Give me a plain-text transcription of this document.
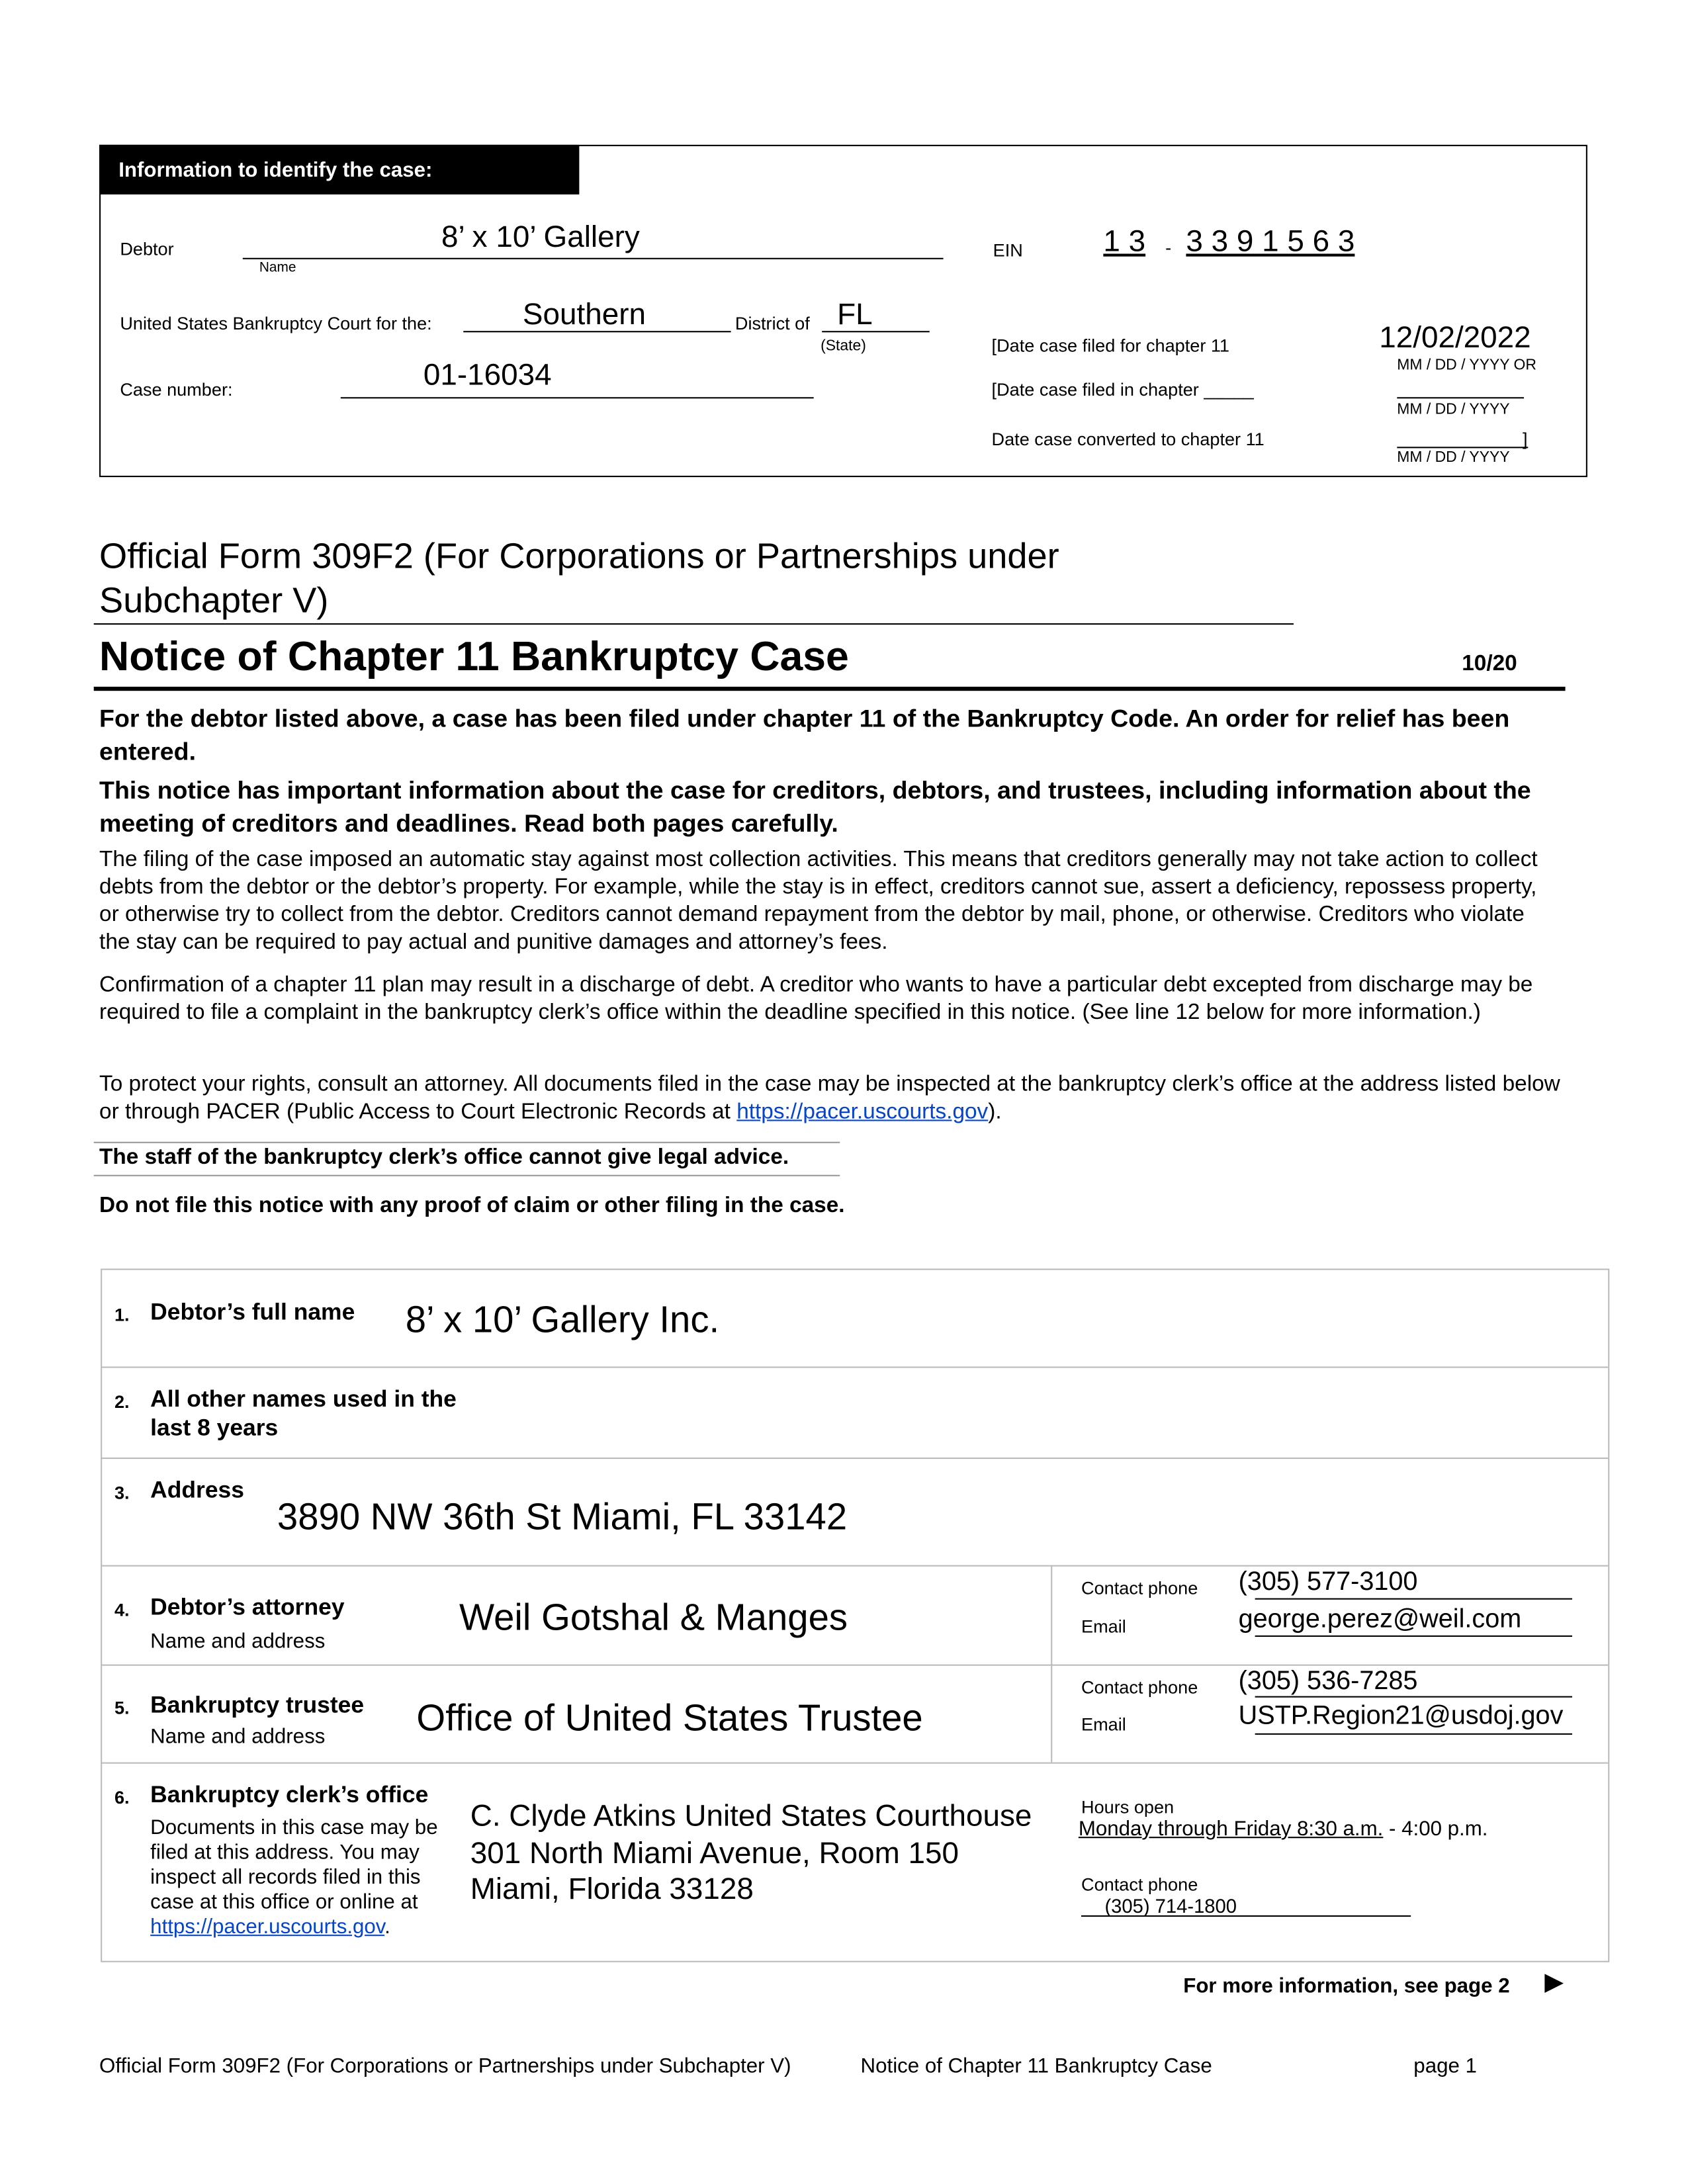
Information to identify the case:
Debtor	8’ x 10’ Gallery
Name
EIN	1 3 - 3 3 9 1 5 6 3
United States Bankruptcy Court for the:	Southern	District of FL
(State)
Case number:	01-16034
[Date case filed for chapter 11	12/02/2022
MM / DD / YYYY OR
[Date case filed in chapter _____
MM / DD / YYYY
Date case converted to chapter 11	]
MM / DD / YYYY
Official Form 309F2 (For Corporations or Partnerships under
Subchapter V)
Notice of Chapter 11 Bankruptcy Case	10/20
For the debtor listed above, a case has been filed under chapter 11 of the Bankruptcy Code. An order for relief has been entered.
This notice has important information about the case for creditors, debtors, and trustees, including information about the meeting of creditors and deadlines. Read both pages carefully.
The filing of the case imposed an automatic stay against most collection activities. This means that creditors generally may not take action to collect debts from the debtor or the debtor’s property. For example, while the stay is in effect, creditors cannot sue, assert a deficiency, repossess property, or otherwise try to collect from the debtor. Creditors cannot demand repayment from the debtor by mail, phone, or otherwise. Creditors who violate the stay can be required to pay actual and punitive damages and attorney’s fees.
Confirmation of a chapter 11 plan may result in a discharge of debt. A creditor who wants to have a particular debt excepted from discharge may be required to file a complaint in the bankruptcy clerk’s office within the deadline specified in this notice. (See line 12 below for more information.)
To protect your rights, consult an attorney. All documents filed in the case may be inspected at the bankruptcy clerk’s office at the address listed below or through PACER (Public Access to Court Electronic Records at https://pacer.uscourts.gov).
The staff of the bankruptcy clerk’s office cannot give legal advice.
Do not file this notice with any proof of claim or other filing in the case.
1. Debtor’s full name	8’ x 10’ Gallery Inc.
2. All other names used in the
last 8 years
3. Address
3890 NW 36th St Miami, FL 33142
4. Debtor’s attorney
Name and address
Weil Gotshal & Manges
Contact phone	(305) 577-3100
Email	george.perez@weil.com
5. Bankruptcy trustee
Name and address	Office of United States Trustee
Contact phone	(305) 536-7285
Email	USTP.Region21@usdoj.gov
6. Bankruptcy clerk’s office
Documents in this case may be
filed at this address. You may
inspect all records filed in this
case at this office or online at
https://pacer.uscourts.gov.
C. Clyde Atkins United States Courthouse
301 North Miami Avenue, Room 150
Miami, Florida 33128
Hours open
Monday through Friday 8:30 a.m. - 4:00 p.m.
Contact phone
(305) 714-1800
For more information, see page 2	▶
Official Form 309F2 (For Corporations or Partnerships under Subchapter V)	Notice of Chapter 11 Bankruptcy Case	page 1
